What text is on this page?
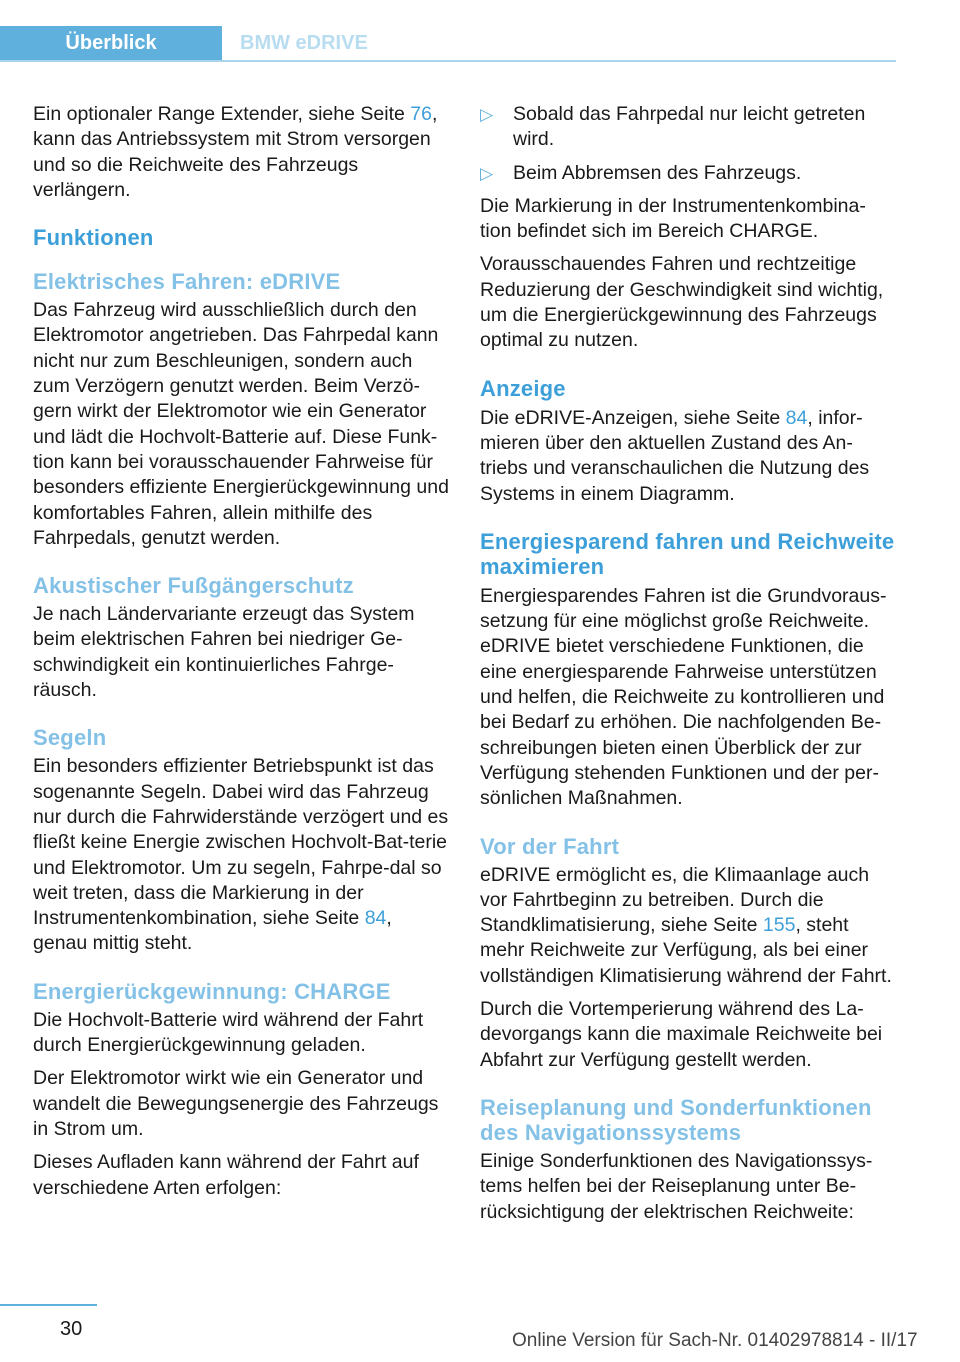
Überblick	BMW eDRIVE

Ein optionaler Range Extender, siehe Seite 76, kann das Antriebssystem mit Strom versorgen und so die Reichweite des Fahrzeugs verlängern.

Funktionen
Elektrisches Fahren: eDRIVE

Das Fahrzeug wird ausschließlich durch den Elektromotor angetrieben. Das Fahrpedal kann nicht nur zum Beschleunigen, sondern auch zum Verzögern genutzt werden. Beim Verzö-gern wirkt der Elektromotor wie ein Generator und lädt die Hochvolt-Batterie auf. Diese Funk-tion kann bei vorausschauender Fahrweise für besonders effiziente Energierückgewinnung und komfortables Fahren, allein mithilfe des Fahrpedals, genutzt werden.

Akustischer Fußgängerschutz

Je nach Ländervariante erzeugt das System beim elektrischen Fahren bei niedriger Ge-schwindigkeit ein kontinuierliches Fahrge-räusch.

Segeln

Ein besonders effizienter Betriebspunkt ist das sogenannte Segeln. Dabei wird das Fahrzeug nur durch die Fahrwiderstände verzögert und es fließt keine Energie zwischen Hochvolt-Bat-terie und Elektromotor. Um zu segeln, Fahrpe-dal so weit treten, dass die Markierung in der Instrumentenkombination, siehe Seite 84, genau mittig steht.

Energierückgewinnung: CHARGE

Die Hochvolt-Batterie wird während der Fahrt durch Energierückgewinnung geladen.

Der Elektromotor wirkt wie ein Generator und wandelt die Bewegungsenergie des Fahrzeugs in Strom um.

Dieses Aufladen kann während der Fahrt auf verschiedene Arten erfolgen:

▷ Sobald das Fahrpedal nur leicht getreten wird.
▷ Beim Abbremsen des Fahrzeugs.

Die Markierung in der Instrumentenkombina-tion befindet sich im Bereich CHARGE.

Vorausschauendes Fahren und rechtzeitige Reduzierung der Geschwindigkeit sind wichtig, um die Energierückgewinnung des Fahrzeugs optimal zu nutzen.

Anzeige

Die eDRIVE-Anzeigen, siehe Seite 84, infor-mieren über den aktuellen Zustand des An-triebs und veranschaulichen die Nutzung des Systems in einem Diagramm.

Energiesparend fahren und Reichweite maximieren

Energiesparendes Fahren ist die Grundvoraus-setzung für eine möglichst große Reichweite. eDRIVE bietet verschiedene Funktionen, die eine energiesparende Fahrweise unterstützen und helfen, die Reichweite zu kontrollieren und bei Bedarf zu erhöhen. Die nachfolgenden Be-schreibungen bieten einen Überblick der zur Verfügung stehenden Funktionen und der per-sönlichen Maßnahmen.

Vor der Fahrt

eDRIVE ermöglicht es, die Klimaanlage auch vor Fahrtbeginn zu betreiben. Durch die Standklimatisierung, siehe Seite 155, steht mehr Reichweite zur Verfügung, als bei einer vollständigen Klimatisierung während der Fahrt.

Durch die Vortemperierung während des La-devorgangs kann die maximale Reichweite bei Abfahrt zur Verfügung gestellt werden.

Reiseplanung und Sonderfunktionen des Navigationssystems

Einige Sonderfunktionen des Navigationssys-tems helfen bei der Reiseplanung unter Be-rücksichtigung der elektrischen Reichweite:

30
Online Version für Sach-Nr. 01402978814 - II/17
